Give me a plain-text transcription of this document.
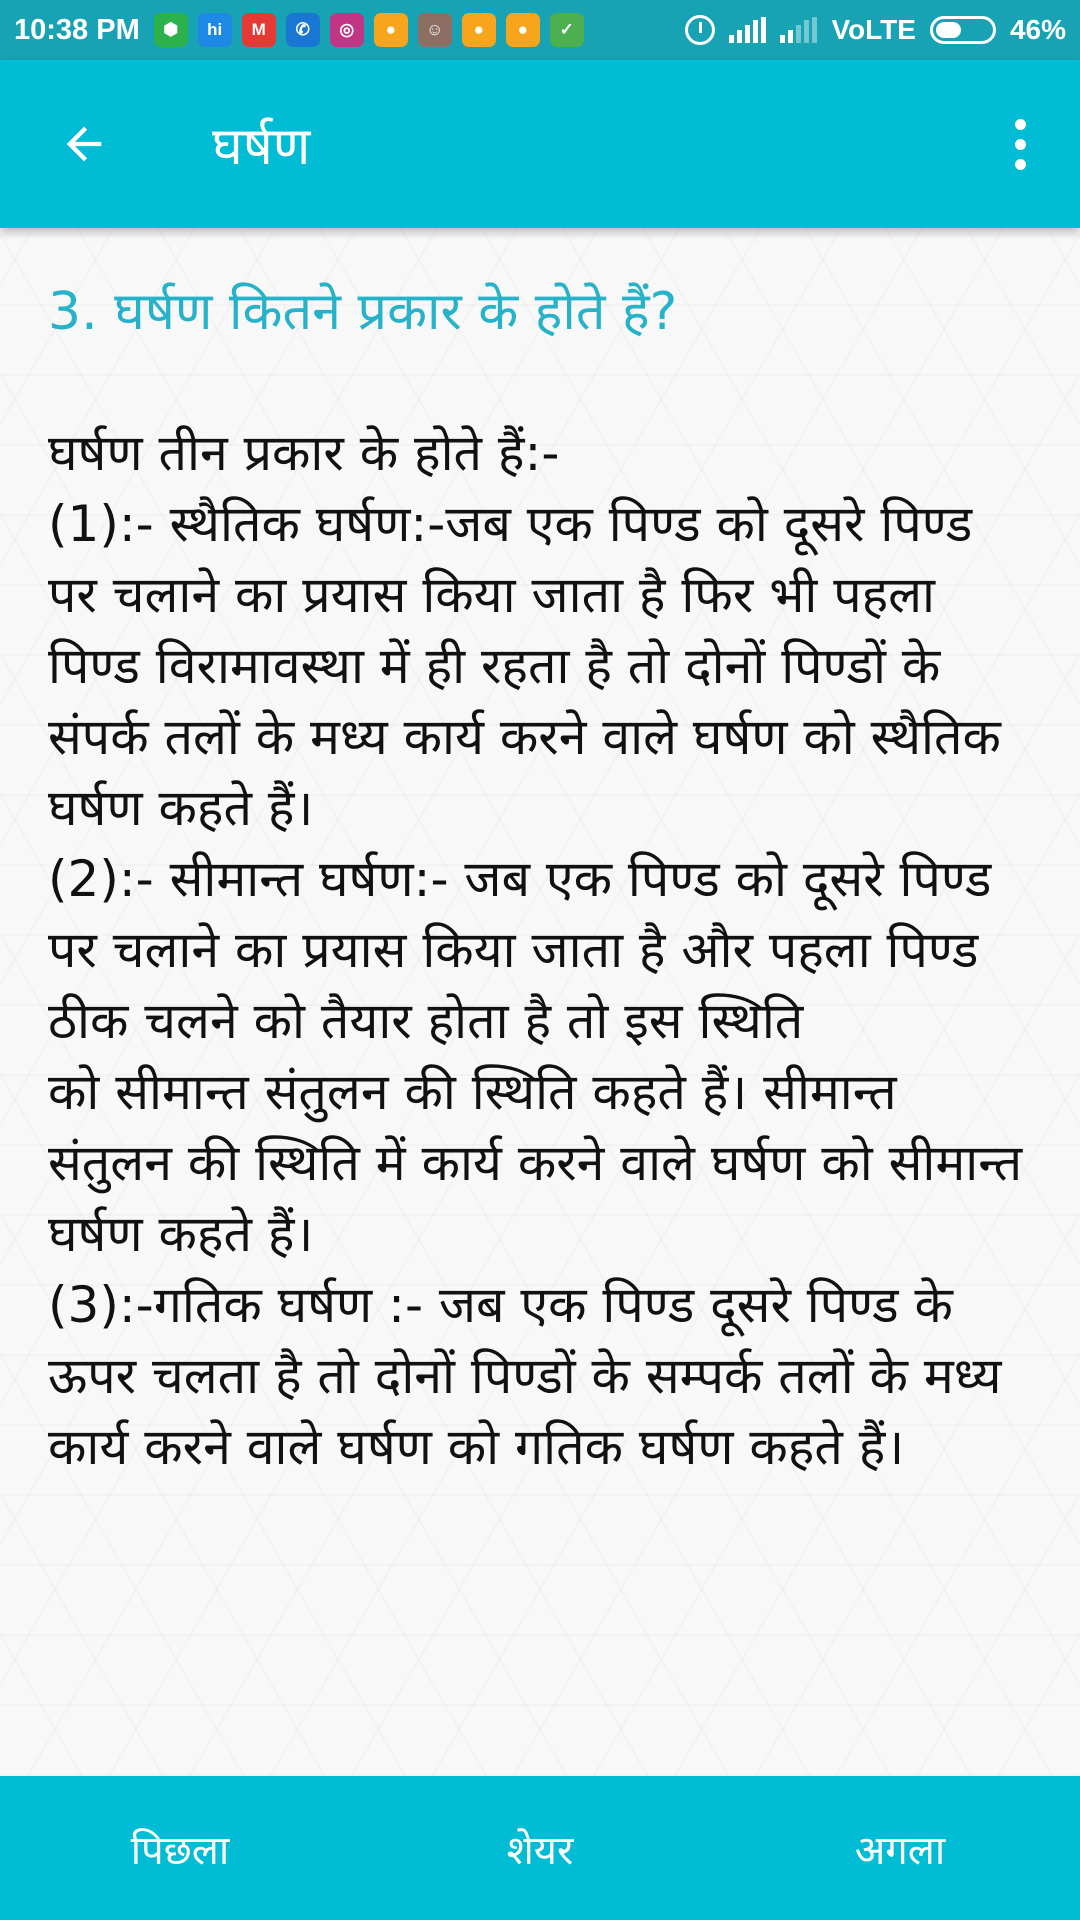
10:38 PM	⬢	hi	M	✆	◎	●	☺	●	●	✓	VoLTE	46%
घर्षण
3. घर्षण कितने प्रकार के होते हैं?
घर्षण तीन प्रकार के होते हैं:-
(1):- स्थैतिक घर्षण:-जब एक पिण्ड को दूसरे पिण्ड पर चलाने का प्रयास किया जाता है फिर भी पहला पिण्ड विरामावस्था में ही रहता है तो दोनों पिण्डों के संपर्क तलों के मध्य कार्य करने वाले घर्षण को स्थैतिक घर्षण कहते हैं।
(2):- सीमान्त घर्षण:- जब एक पिण्ड को दूसरे पिण्ड पर चलाने का प्रयास किया जाता है और पहला पिण्ड ठीक चलने को तैयार होता है तो इस स्थिति
को सीमान्त संतुलन की स्थिति कहते हैं। सीमान्त संतुलन की स्थिति में कार्य करने वाले घर्षण को सीमान्त घर्षण कहते हैं।
(3):-गतिक घर्षण :- जब एक पिण्ड दूसरे पिण्ड के ऊपर चलता है तो दोनों पिण्डों के सम्पर्क तलों के मध्य कार्य करने वाले घर्षण को गतिक घर्षण कहते हैं।
पिछला	शेयर	अगला
